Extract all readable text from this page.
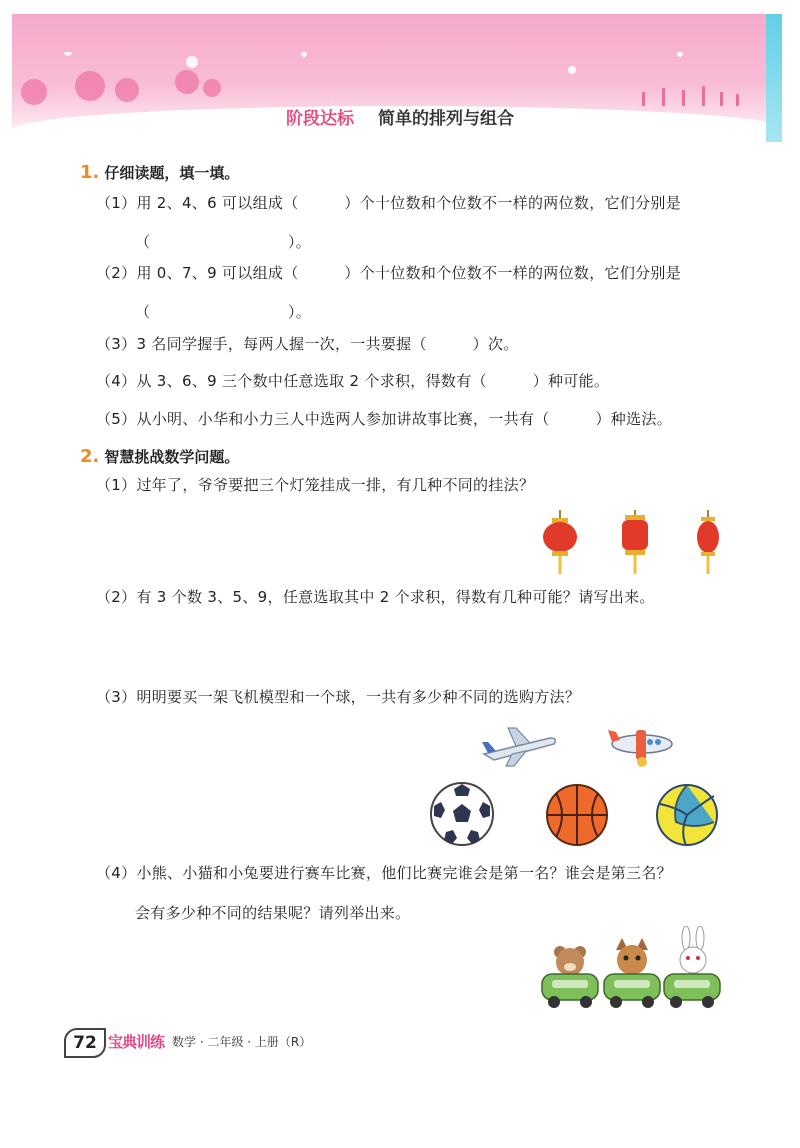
阶段达标 简单的排列与组合
1. 仔细读题，填一填。
（1）用 2、4、6 可以组成（　　　）个十位数和个位数不一样的两位数，它们分别是
（　　　　　　　　　）。
（2）用 0、7、9 可以组成（　　　）个十位数和个位数不一样的两位数，它们分别是
（　　　　　　　　　）。
（3）3 名同学握手，每两人握一次，一共要握（　　　）次。
（4）从 3、6、9 三个数中任意选取 2 个求积，得数有（　　　）种可能。
（5）从小明、小华和小力三人中选两人参加讲故事比赛，一共有（　　　）种选法。
2. 智慧挑战数学问题。
（1）过年了，爷爷要把三个灯笼挂成一排，有几种不同的挂法？
（2）有 3 个数 3、5、9，任意选取其中 2 个求积，得数有几种可能？请写出来。
（3）明明要买一架飞机模型和一个球，一共有多少种不同的选购方法？
（4）小熊、小猫和小兔要进行赛车比赛，他们比赛完谁会是第一名？谁会是第三名？
会有多少种不同的结果呢？请列举出来。
72 宝典训练 数学 · 二年级 · 上册（R）
